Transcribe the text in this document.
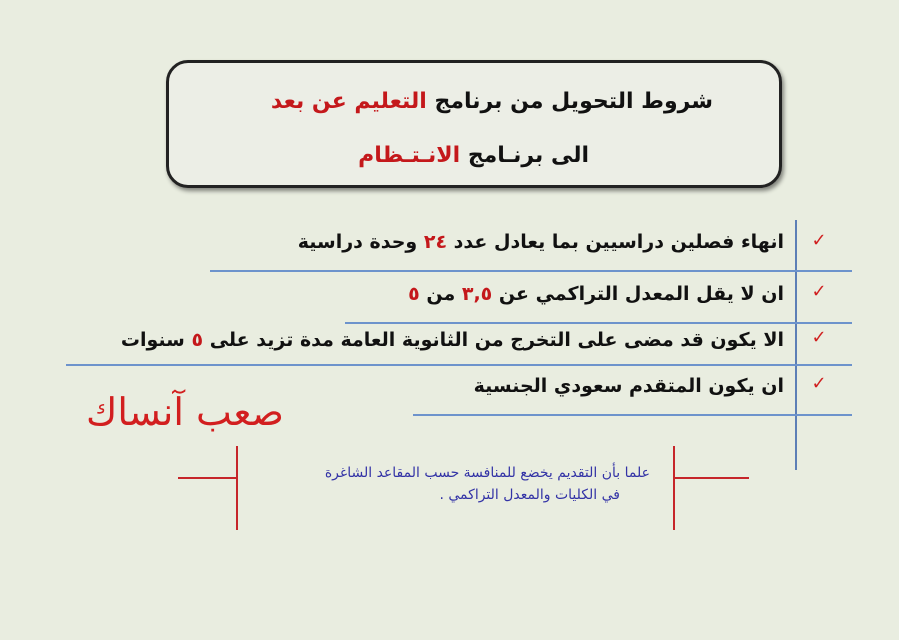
شروط التحويل من برنامج التعليم عن بعد
الى برنـامج الانـتـظام
✓
انهاء فصلين دراسيين بما يعادل عدد ٢٤ وحدة دراسية
✓
ان لا يقل المعدل التراكمي عن ٣,٥ من ٥
✓
الا يكون قد مضى على التخرج من الثانوية العامة مدة تزيد على ٥ سنوات
✓
ان يكون المتقدم سعودي الجنسية
صعب آنساك
علما بأن التقديم يخضع للمنافسة حسب المقاعد الشاغرة
في الكليات والمعدل التراكمي .
